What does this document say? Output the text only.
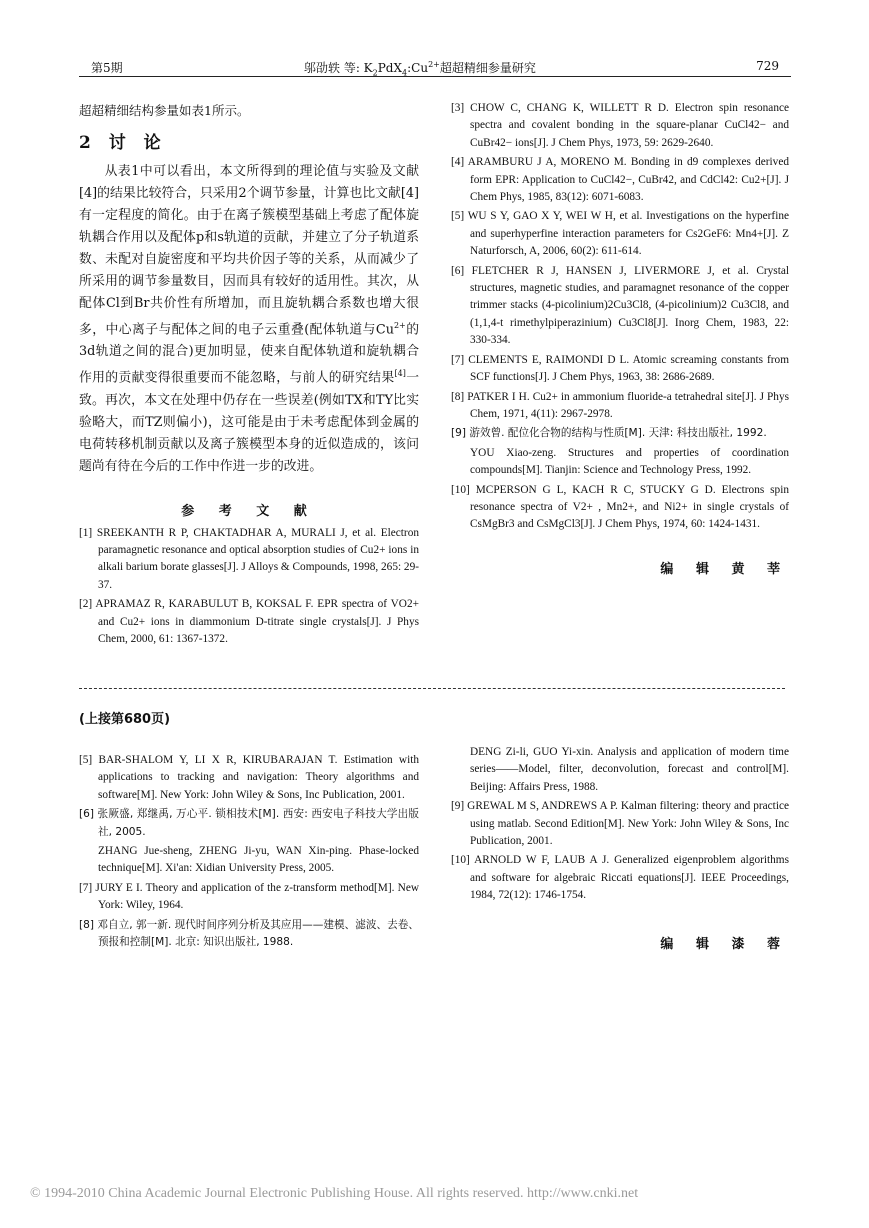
第5期	邬劭轶 等: $K_2PdX_4:Cu^{2+}$超超精细参量研究	729

超超精细结构参量如表1所示。

2 讨 论

从表1中可以看出，本文所得到的理论值与实验及文献[4]的结果比较符合，只采用2个调节参量，计算也比文献[4]有一定程度的简化。由于在离子簇模型基础上考虑了配体旋轨耦合作用以及配体p和s轨道的贡献，并建立了分子轨道系数、未配对自旋密度和平均共价因子等的关系，从而减少了所采用的调节参量数目，因而具有较好的适用性。其次，从配体Cl到Br共价性有所增加，而且旋轨耦合系数也增大很多，中心离子与配体之间的电子云重叠(配体轨道与$Cu^{2+}$的3d轨道之间的混合)更加明显，使来自配体轨道和旋轨耦合作用的贡献变得很重要而不能忽略，与前人的研究结果[4]一致。再次，本文在处理中仍存在一些误差(例如TX和TY比实验略大，而TZ则偏小)，这可能是由于未考虑配体到金属的电荷转移机制贡献以及离子簇模型本身的近似造成的，该问题尚有待在今后的工作中作进一步的改进。

参 考 文 献
[1] SREEKANTH R P, CHAKTADHAR A, MURALI J, et al. Electron paramagnetic resonance and optical absorption studies of Cu2+ ions in alkali barium borate glasses[J]. J Alloys & Compounds, 1998, 265: 29-37.
[2] APRAMAZ R, KARABULUT B, KOKSAL F. EPR spectra of VO2+ and Cu2+ ions in diammonium D-titrate single crystals[J]. J Phys Chem, 2000, 61: 1367-1372.
[3] CHOW C, CHANG K, WILLETT R D. Electron spin resonance spectra and covalent bonding in the square-planar CuCl42− and CuBr42− ions[J]. J Chem Phys, 1973, 59: 2629-2640.
[4] ARAMBURU J A, MORENO M. Bonding in d9 complexes derived form EPR: Application to CuCl42−, CuBr42, and CdCl42: Cu2+[J]. J Chem Phys, 1985, 83(12): 6071-6083.
[5] WU S Y, GAO X Y, WEI W H, et al. Investigations on the hyperfine and superhyperfine interaction parameters for Cs2GeF6: Mn4+[J]. Z Naturforsch, A, 2006, 60(2): 611-614.
[6] FLETCHER R J, HANSEN J, LIVERMORE J, et al. Crystal structures, magnetic studies, and paramagnet resonance of the copper trimmer stacks (4-picolinium)2Cu3Cl8, (4-picolinium)2 Cu3Cl8, and (1,1,4-t rimethylpiperazinium) Cu3Cl8[J]. Inorg Chem, 1983, 22: 330-334.
[7] CLEMENTS E, RAIMONDI D L. Atomic screaming constants from SCF functions[J]. J Chem Phys, 1963, 38: 2686-2689.
[8] PATKER I H. Cu2+ in ammonium fluoride-a tetrahedral site[J]. J Phys Chem, 1971, 4(11): 2967-2978.
[9] 游效曾. 配位化合物的结构与性质[M]. 天津: 科技出版社, 1992.
YOU Xiao-zeng. Structures and properties of coordination compounds[M]. Tianjin: Science and Technology Press, 1992.
[10] MCPERSON G L, KACH R C, STUCKY G D. Electrons spin resonance spectra of V2+ , Mn2+, and Ni2+ in single crystals of CsMgBr3 and CsMgCl3[J]. J Chem Phys, 1974, 60: 1424-1431.
编 辑 黄 莘
(上接第680页)
[5] BAR-SHALOM Y, LI X R, KIRUBARAJAN T. Estimation with applications to tracking and navigation: Theory algorithms and software[M]. New York: John Wiley & Sons, Inc Publication, 2001.
[6] 张厥盛, 郑继禹, 万心平. 锁相技术[M]. 西安: 西安电子科技大学出版社, 2005.
ZHANG Jue-sheng, ZHENG Ji-yu, WAN Xin-ping. Phase-locked technique[M]. Xi'an: Xidian University Press, 2005.
[7] JURY E I. Theory and application of the z-transform method[M]. New York: Wiley, 1964.
[8] 邓自立, 郭一新. 现代时间序列分析及其应用——建模、滤波、去卷、预报和控制[M]. 北京: 知识出版社, 1988.
DENG Zi-li, GUO Yi-xin. Analysis and application of modern time series——Model, filter, deconvolution, forecast and control[M]. Beijing: Affairs Press, 1988.
[9] GREWAL M S, ANDREWS A P. Kalman filtering: theory and practice using matlab. Second Edition[M]. New York: John Wiley & Sons, Inc Publication, 2001.
[10] ARNOLD W F, LAUB A J. Generalized eigenproblem algorithms and software for algebraic Riccati equations[J]. IEEE Proceedings, 1984, 72(12): 1746-1754.
编 辑 漆 蓉
© 1994-2010 China Academic Journal Electronic Publishing House. All rights reserved. http://www.cnki.net
